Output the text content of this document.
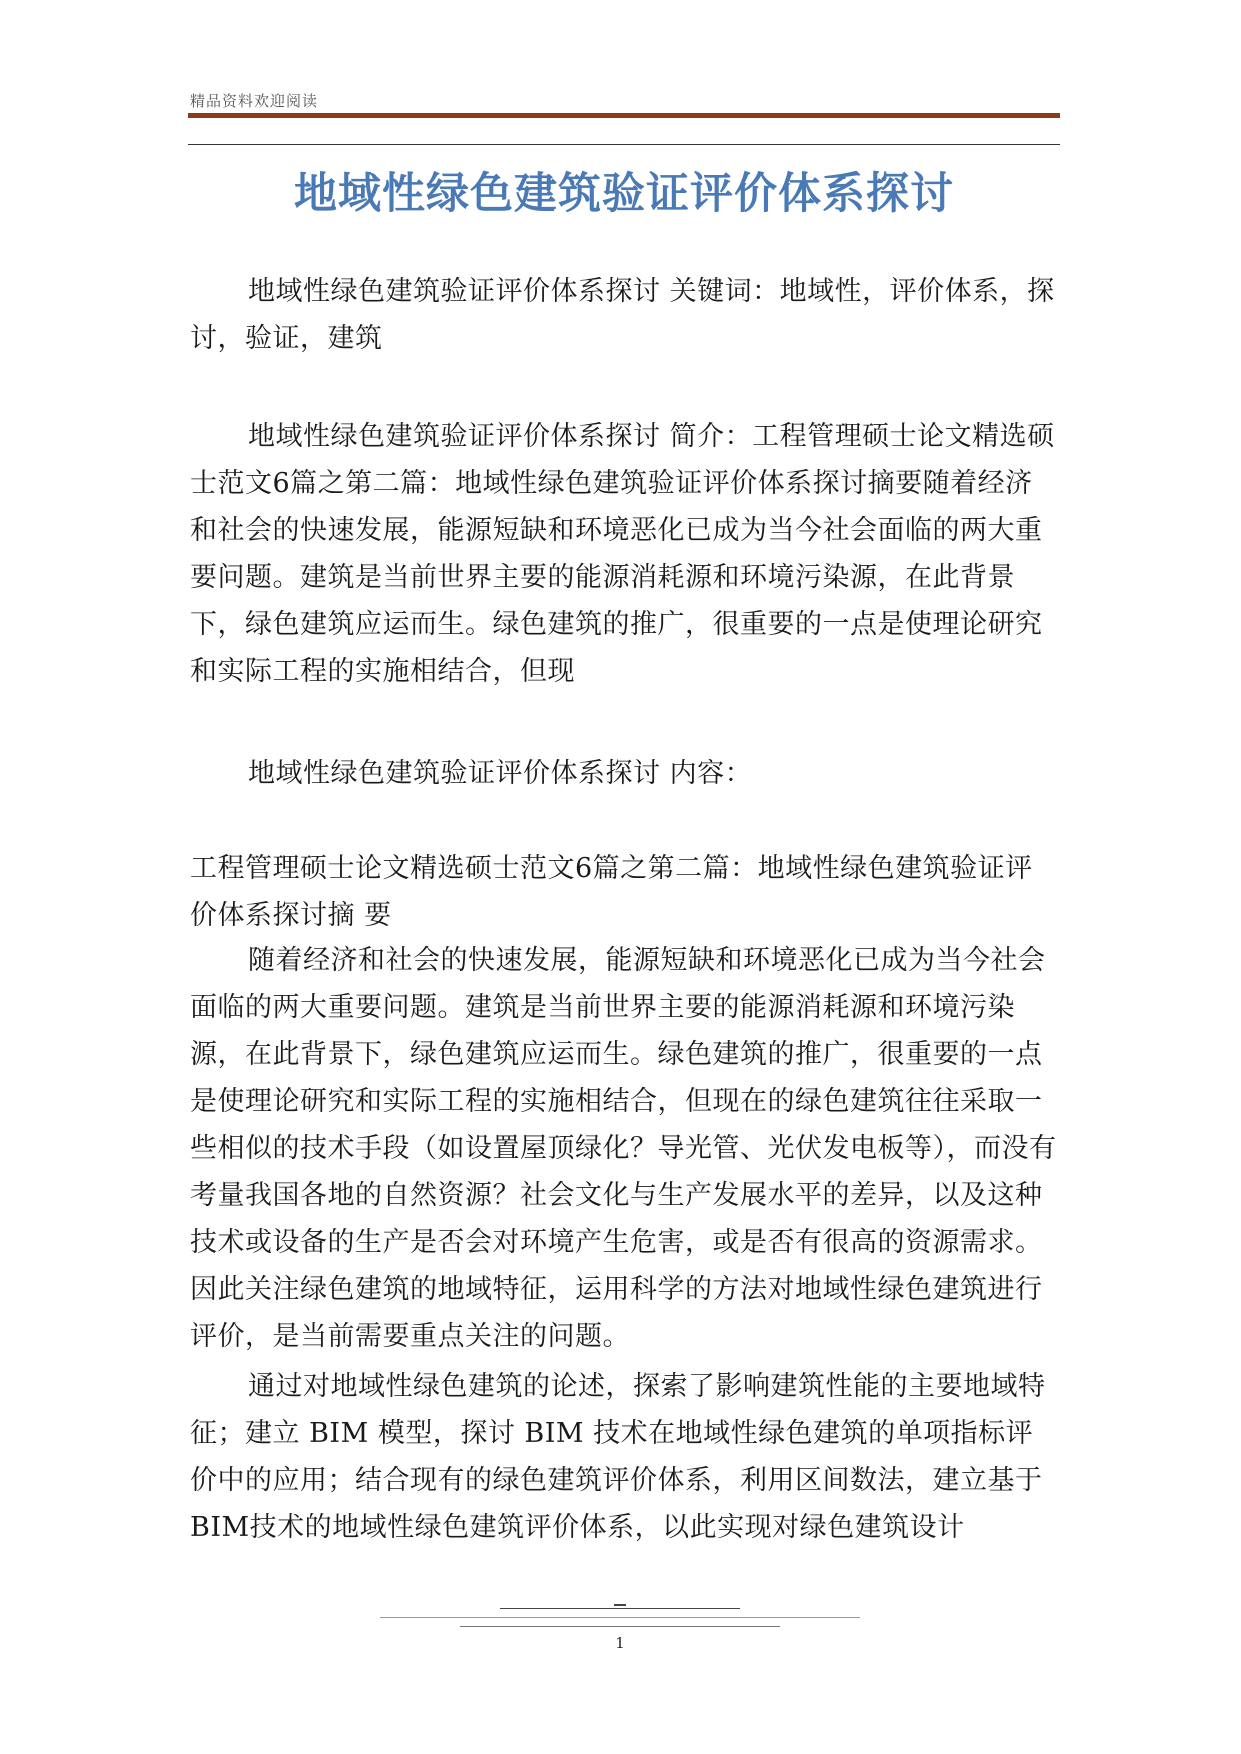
精品资料欢迎阅读
地域性绿色建筑验证评价体系探讨

地域性绿色建筑验证评价体系探讨 关键词：地域性，评价体系，探讨，验证，建筑

地域性绿色建筑验证评价体系探讨 简介：工程管理硕士论文精选硕士范文6篇之第二篇：地域性绿色建筑验证评价体系探讨摘要随着经济和社会的快速发展，能源短缺和环境恶化已成为当今社会面临的两大重要问题。建筑是当前世界主要的能源消耗源和环境污染源，在此背景下，绿色建筑应运而生。绿色建筑的推广，很重要的一点是使理论研究和实际工程的实施相结合，但现

地域性绿色建筑验证评价体系探讨 内容：

工程管理硕士论文精选硕士范文6篇之第二篇：地域性绿色建筑验证评价体系探讨摘 要

随着经济和社会的快速发展，能源短缺和环境恶化已成为当今社会面临的两大重要问题。建筑是当前世界主要的能源消耗源和环境污染源，在此背景下，绿色建筑应运而生。绿色建筑的推广，很重要的一点是使理论研究和实际工程的实施相结合，但现在的绿色建筑往往采取一些相似的技术手段（如设置屋顶绿化？导光管、光伏发电板等），而没有考量我国各地的自然资源？社会文化与生产发展水平的差异，以及这种技术或设备的生产是否会对环境产生危害，或是否有很高的资源需求。因此关注绿色建筑的地域特征，运用科学的方法对地域性绿色建筑进行评价，是当前需要重点关注的问题。

通过对地域性绿色建筑的论述，探索了影响建筑性能的主要地域特征；建立 BIM 模型，探讨 BIM 技术在地域性绿色建筑的单项指标评价中的应用；结合现有的绿色建筑评价体系，利用区间数法，建立基于BIM技术的地域性绿色建筑评价体系，以此实现对绿色建筑设计

1
